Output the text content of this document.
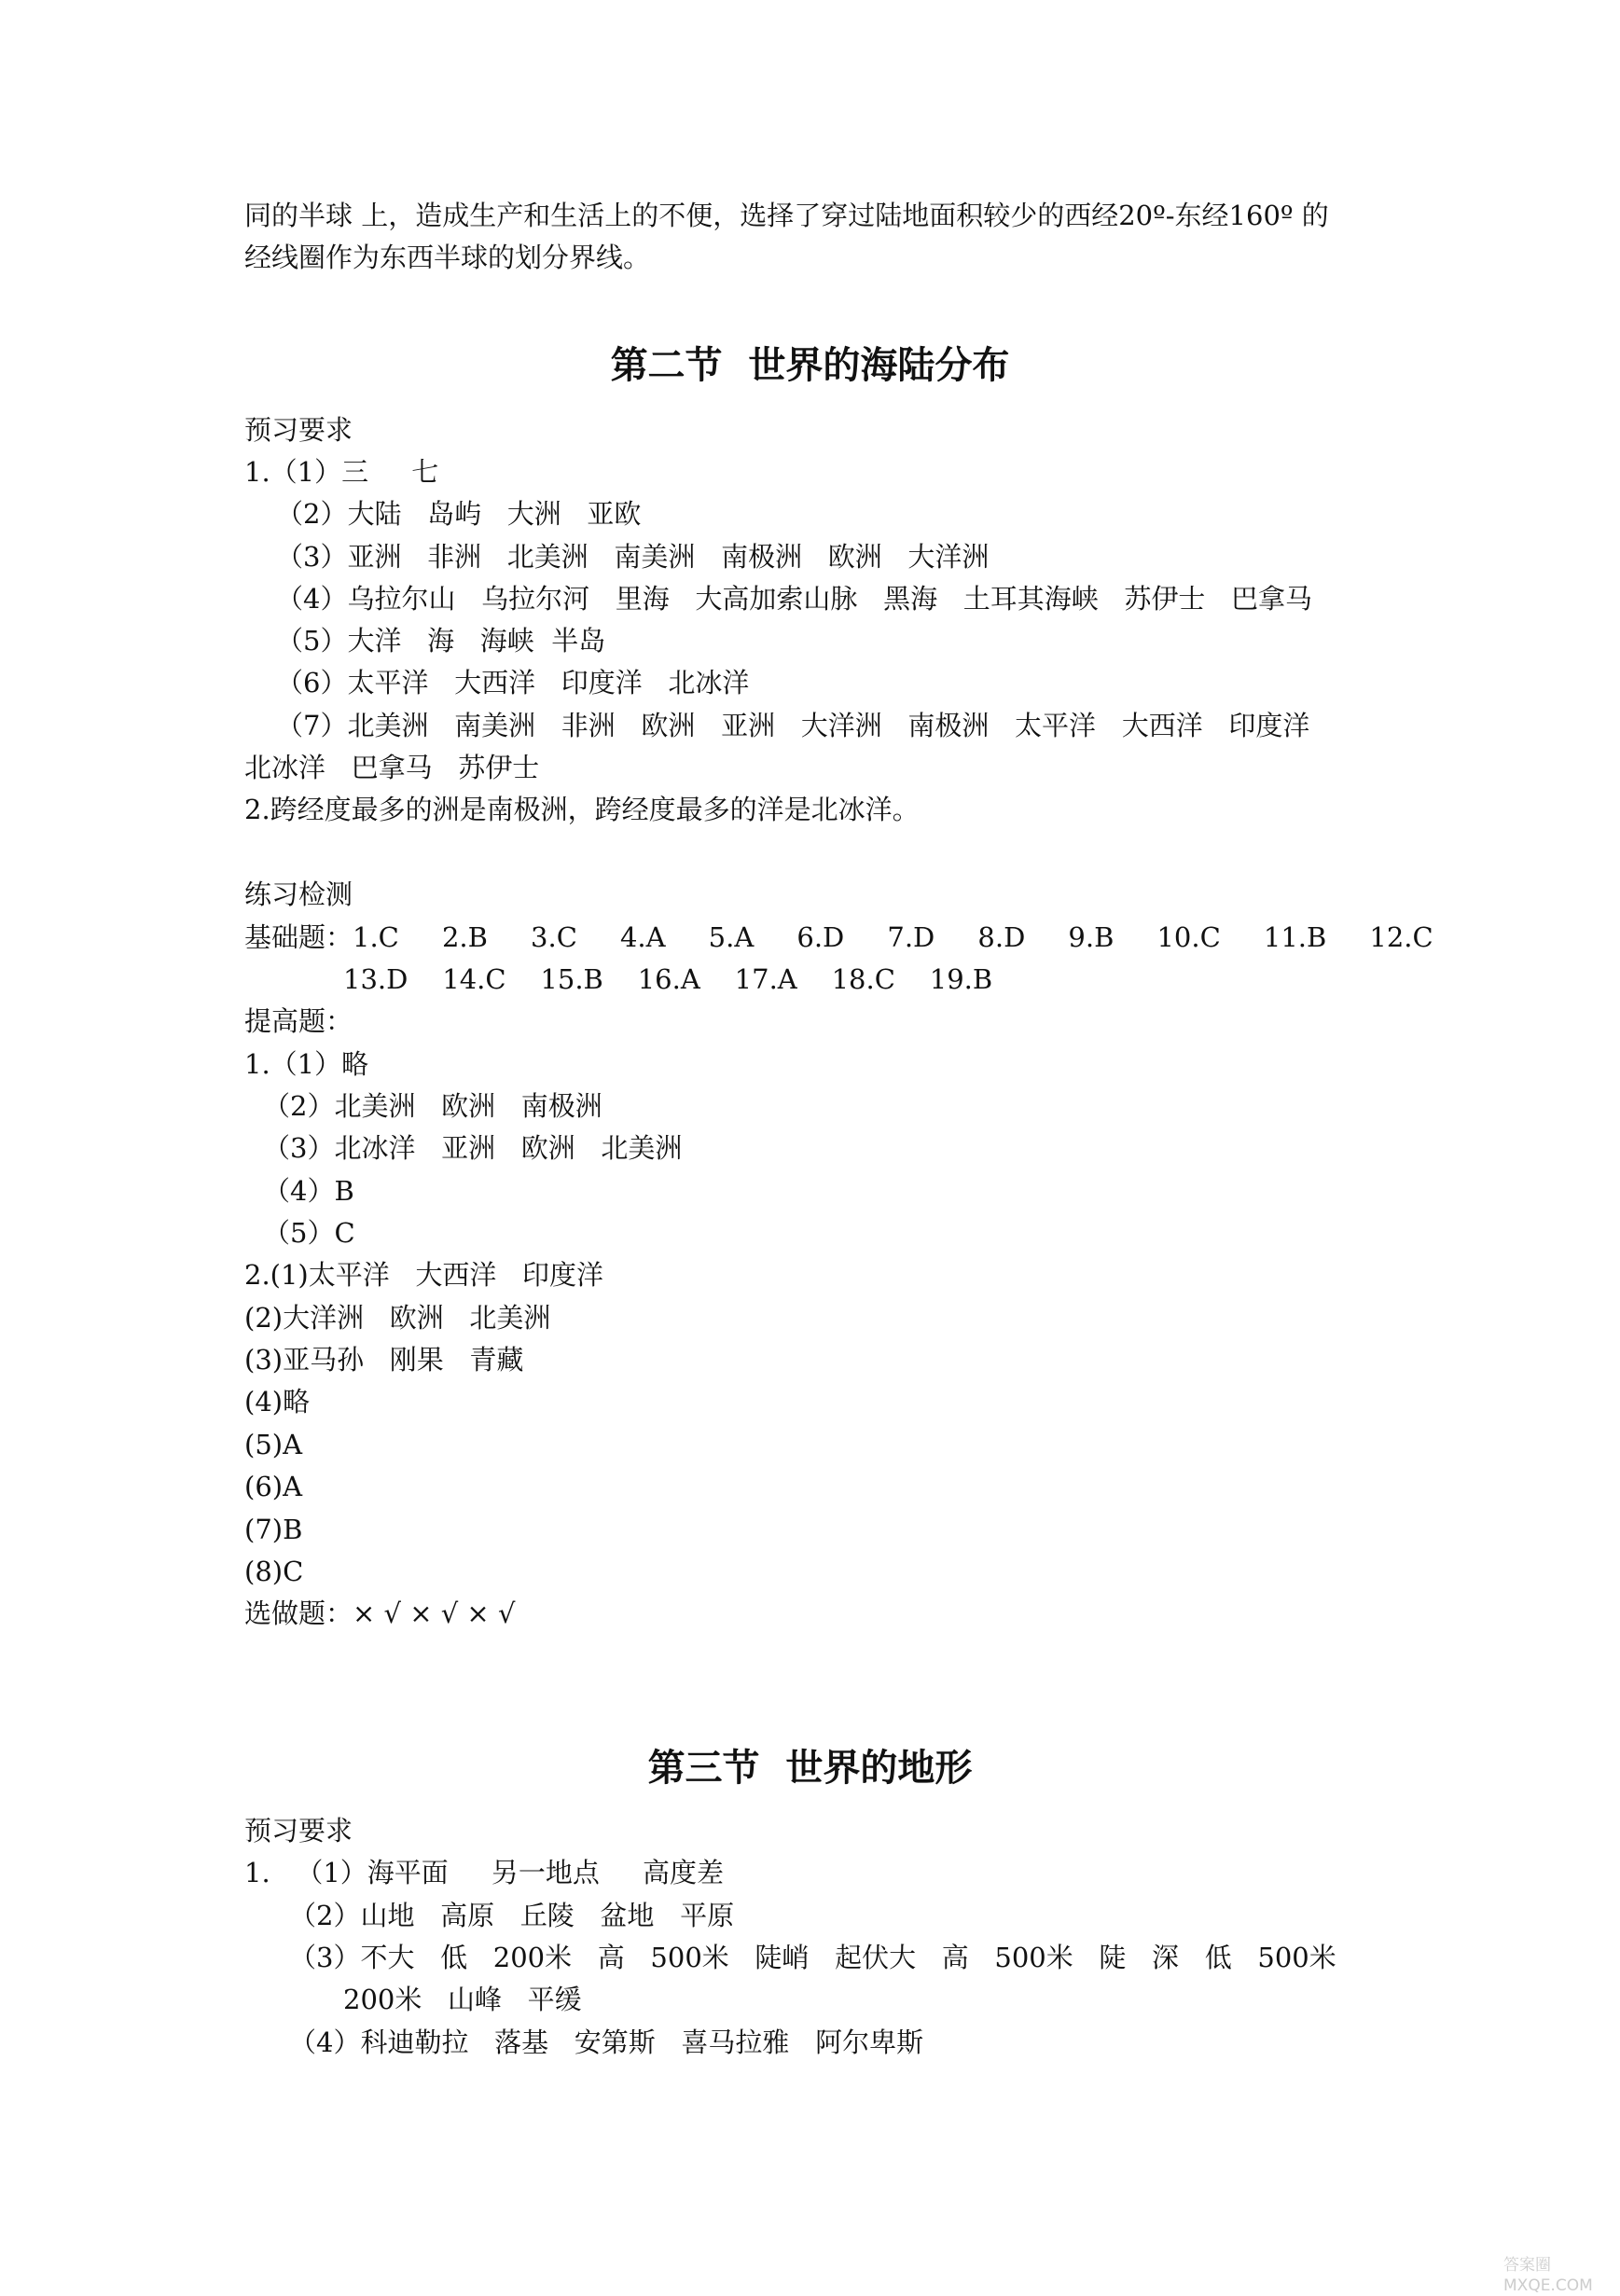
同的半球 上，造成生产和生活上的不便，选择了穿过陆地面积较少的西经20º-东经160º 的
经线圈作为东西半球的划分界线。
第二节  世界的海陆分布
预习要求
1.（1）三     七
（2）大陆   岛屿   大洲   亚欧
（3）亚洲   非洲   北美洲   南美洲   南极洲   欧洲   大洋洲
（4）乌拉尔山   乌拉尔河   里海   大高加索山脉   黑海   土耳其海峡   苏伊士   巴拿马
（5）大洋   海   海峡  半岛
（6）太平洋   大西洋   印度洋   北冰洋
（7）北美洲   南美洲   非洲   欧洲   亚洲   大洋洲   南极洲   太平洋   大西洋   印度洋
北冰洋   巴拿马   苏伊士
2.跨经度最多的洲是南极洲，跨经度最多的洋是北冰洋。
练习检测
基础题：1.C     2.B     3.C     4.A     5.A     6.D     7.D     8.D     9.B     10.C     11.B     12.C
13.D    14.C    15.B    16.A    17.A    18.C    19.B
提高题：
1.（1）略
（2）北美洲   欧洲   南极洲
（3）北冰洋   亚洲   欧洲   北美洲
（4）B
（5）C
2.(1)太平洋   大西洋   印度洋
(2)大洋洲   欧洲   北美洲
(3)亚马孙   刚果   青藏
(4)略
(5)A
(6)A
(7)B
(8)C
选做题：× √ × √ × √
第三节  世界的地形
预习要求
1.   （1）海平面     另一地点     高度差
（2）山地   高原   丘陵   盆地   平原
（3）不大   低   200米   高   500米   陡峭   起伏大   高   500米   陡   深   低   500米
200米   山峰   平缓
（4）科迪勒拉   落基   安第斯   喜马拉雅   阿尔卑斯
答案圈 MXQE.COM
